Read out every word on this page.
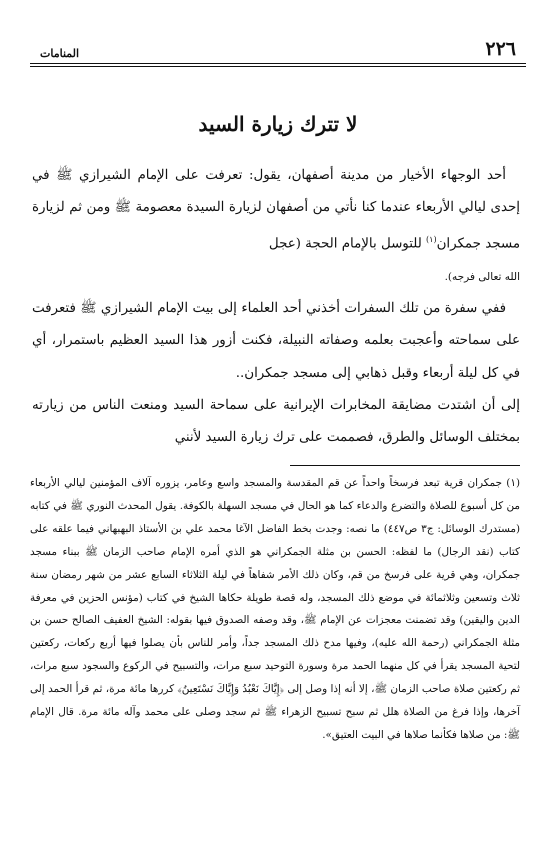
٢٢٦
المنامات
لا تترك زيارة السيد

أحد الوجهاء الأخيار من مدينة أصفهان، يقول: تعرفت على الإمام الشيرازي ﷺ في إحدى ليالي الأربعاء عندما كنا نأتي من أصفهان لزيارة السيدة معصومة ﷺ ومن ثم لزيارة مسجد جمكران$^{(١)}$ للتوسل بالإمام الحجة (عجل
الله تعالى فرجه).

ففي سفرة من تلك السفرات أخذني أحد العلماء إلى بيت الإمام الشيرازي ﷺ فتعرفت على سماحته وأعجبت بعلمه وصفاته النبيلة، فكنت أزور هذا السيد العظيم باستمرار، أي في كل ليلة أربعاء وقبل ذهابي إلى مسجد جمكران..

إلى أن اشتدت مضايقة المخابرات الإيرانية على سماحة السيد ومنعت الناس من زيارته بمختلف الوسائل والطرق، فصممت على ترك زيارة السيد لأنني

(١) جمكران قرية تبعد فرسخاً واحداً عن قم المقدسة والمسجد واسع وعامر، يزوره آلاف المؤمنين ليالي الأربعاء من كل أسبوع للصلاة والتضرع والدعاء كما هو الحال في مسجد السهلة بالكوفة. يقول المحدث النوري ﷺ في كتابه (مستدرك الوسائل: ج٣ ص٤٤٧) ما نصه: وجدت بخط الفاضل الآغا محمد علي بن الأستاذ البهبهاني فيما علقه على كتاب (نقد الرجال) ما لفظه: الحسن بن مثلة الجمكراني هو الذي أمره الإمام صاحب الزمان ﷺ ببناء مسجد جمكران، وهي قرية على فرسخ من قم، وكان ذلك الأمر شفاهاً في ليلة الثلاثاء السابع عشر من شهر رمضان سنة ثلاث وتسعين وثلاثمائة في موضع ذلك المسجد، وله قصة طويلة حكاها الشيخ في كتاب (مؤنس الحزين في معرفة الدين واليقين) وقد تضمنت معجزات عن الإمام ﷺ، وقد وصفه الصدوق فيها بقوله: الشيخ العفيف الصالح حسن بن مثلة الجمكراني (رحمة الله عليه)، وفيها مدح ذلك المسجد جداً، وأمر للناس بأن يصلوا فيها أربع ركعات، ركعتين لتحية المسجد يقرأ في كل منهما الحمد مرة وسورة التوحيد سبع مرات، والتسبيح في الركوع والسجود سبع مرات، ثم ركعتين صلاة صاحب الزمان ﷺ، إلا أنه إذا وصل إلى ﴿إِيَّاكَ نَعْبُدُ وَإِيَّاكَ نَسْتَعِينُ﴾ كررها مائة مرة، ثم قرأ الحمد إلى آخرها، وإذا فرغ من الصلاة هلل ثم سبح تسبيح الزهراء ﷺ ثم سجد وصلى على محمد وآله مائة مرة. قال الإمام ﷺ: من صلاها فكأنما صلاها في البيت العتيق».
